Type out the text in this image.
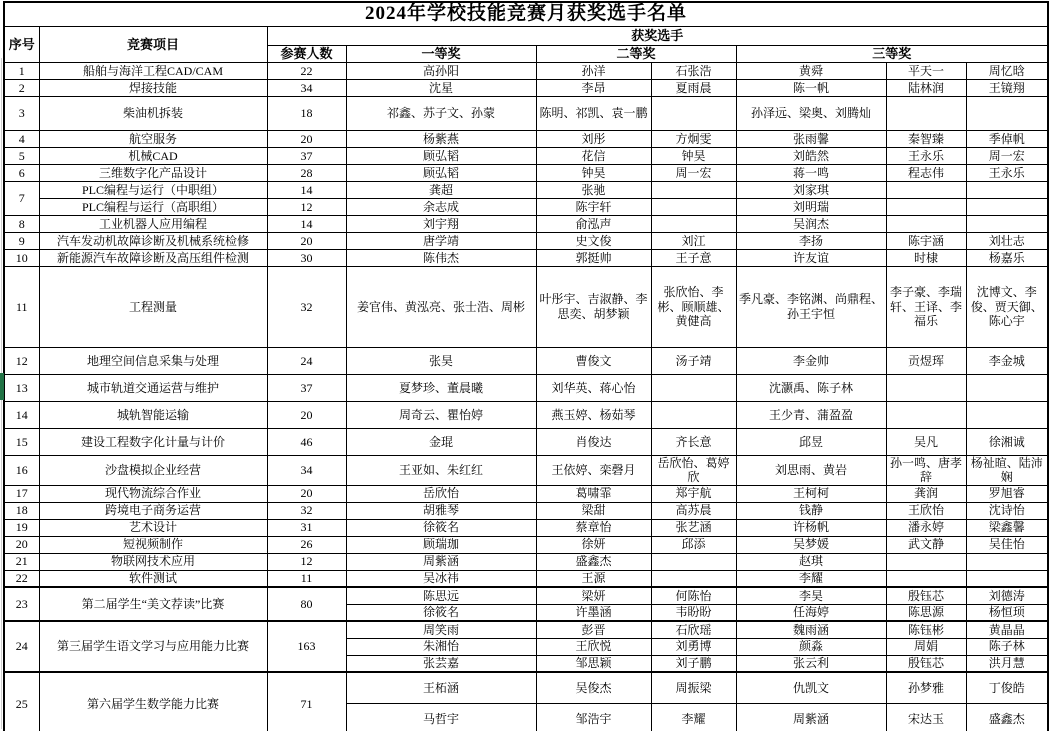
2024年学校技能竞赛月获奖选手名单								
序号	竞赛项目	获奖选手						
		参赛人数	一等奖	二等奖		三等奖		
1	船舶与海洋工程CAD/CAM	22	高孙阳	孙洋	石张浩	黄舜	平天一	周忆晗
2	焊接技能	34	沈星	李昂	夏雨晨	陈一帆	陆林润	王镜翔
3	柴油机拆装	18	祁鑫、苏子文、孙蒙	陈明、祁凯、袁一鹏		孙泽远、梁奥、刘腾灿		
4	航空服务	20	杨紫燕	刘彤	方炯雯	张雨馨	秦智臻	季倬帆
5	机械CAD	37	顾弘韬	花信	钟昊	刘皓然	王永乐	周一宏
6	三维数字化产品设计	28	顾弘韬	钟昊	周一宏	蒋一鸣	程志伟	王永乐
7	PLC编程与运行（中职组）	14	龚超	张驰		刘家琪		
	PLC编程与运行（高职组）	12	余志成	陈宇轩		刘明瑞		
8	工业机器人应用编程	14	刘宇翔	俞泓声		吴润杰		
9	汽车发动机故障诊断及机械系统检修	20	唐学靖	史文俊	刘江	李扬	陈宇涵	刘壮志
10	新能源汽车故障诊断及高压组件检测	30	陈伟杰	郭挺帅	王子意	许友谊	时棣	杨嘉乐
11	工程测量	32	姜官伟、黄泓亮、张士浩、周彬	叶彤宇、吉淑静、李思奕、胡梦颖	张欣怡、李彬、顾顺雄、黄健高	季凡豪、李铭渊、尚鼎程、孙王宇恒	李子豪、李瑞轩、王译、李福乐	沈博文、李俊、贾天御、陈心宇
12	地理空间信息采集与处理	24	张昊	曹俊文	汤子靖	李金帅	贡煜珲	李金城
13	城市轨道交通运营与维护	37	夏梦珍、董晨曦	刘华英、蒋心怡		沈灏禹、陈子林		
14	城轨智能运输	20	周奇云、瞿怡婷	燕玉婷、杨茹琴		王少青、蒲盈盈		
15	建设工程数字化计量与计价	46	金琨	肖俊达	齐长意	邱昱	吴凡	徐湘诚
16	沙盘模拟企业经营	34	王亚如、朱红红	王依婷、栾磬月	岳欣怡、葛婷欣	刘思雨、黄岩	孙一鸣、唐孝辞	杨祉暄、陆沛娴
17	现代物流综合作业	20	岳欣怡	葛啸霏	郑宇航	王柯柯	龚润	罗旭睿
18	跨境电子商务运营	32	胡雅琴	梁甜	高苏晨	钱静	王欣怡	沈诗怡
19	艺术设计	31	徐筱名	蔡章怡	张艺涵	许杨帆	潘永婷	梁鑫馨
20	短视频制作	26	顾瑞珈	徐妍	邱添	吴梦媛	武文静	吴佳怡
21	物联网技术应用	12	周紫涵	盛鑫杰		赵琪		
22	软件测试	11	吴冰祎	王源		李耀		
23	第二届学生“美文荐读”比赛	80	陈思远	梁妍	何陈怡	李昊	殷钰芯	刘德涛
			徐筱名	许墨涵	韦盼盼	任海婷	陈思源	杨恒顼
24	第三届学生语文学习与应用能力比赛	163	周笑雨	彭晋	石欣瑶	魏雨涵	陈钰彬	黄晶晶
			朱湘怡	王欣悦	刘勇博	颜淼	周娟	陈子林
			张芸嘉	邹思颖	刘子鹏	张云利	殷钰芯	洪月慧
25	第六届学生数学能力比赛	71	王柘涵	吴俊杰	周振梁	仇凯文	孙梦雅	丁俊皓
			马哲宇	邹浩宇	李耀	周紫涵	宋达玉	盛鑫杰
